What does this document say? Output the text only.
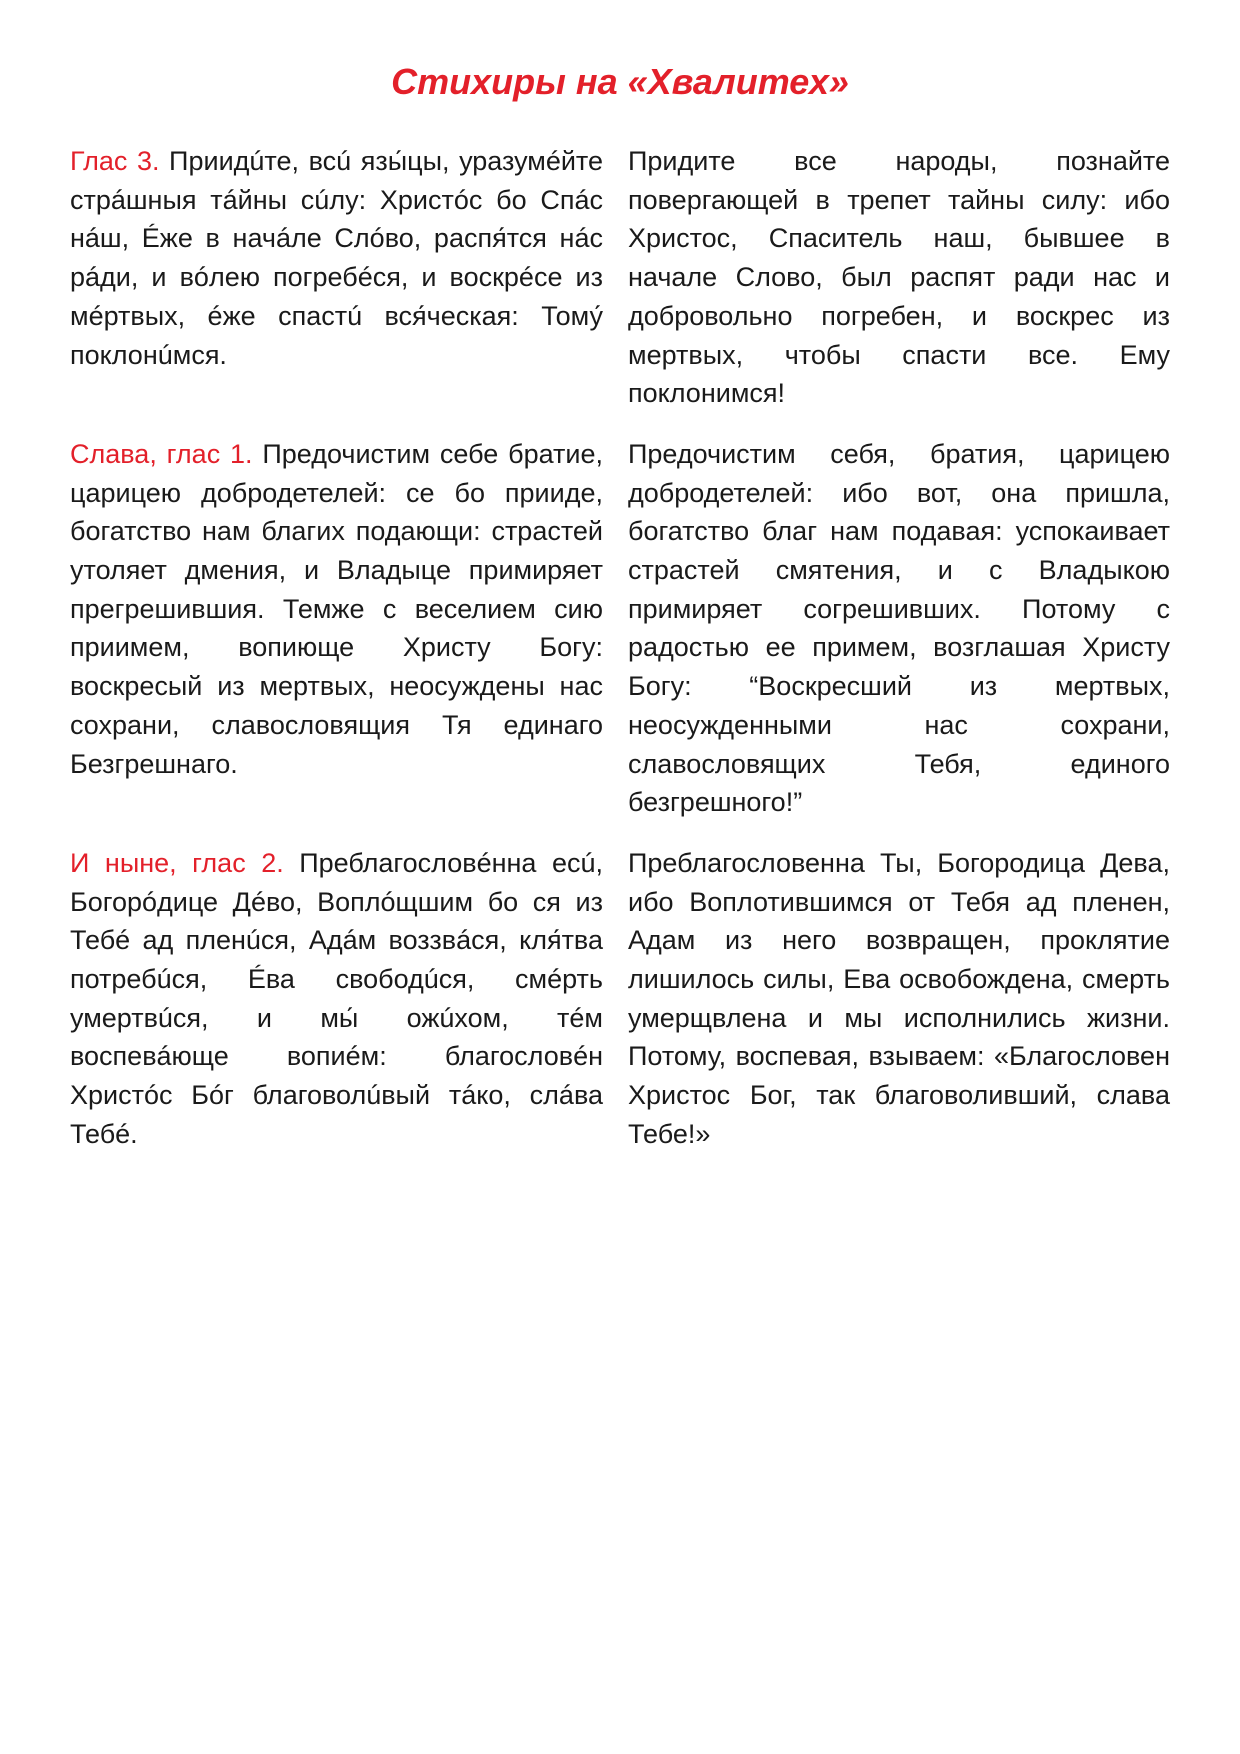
Стихиры на «Хвалитех»
Глас 3. Приидúте, всú язы́цы, уразумéйте стрáшныя тáйны сúлу: Христóс бо Спáс нáш, Éже в начáле Слóво, распя́тся нáс рáди, и вóлею погребéся, и воскрéсе из мéртвых, éже спастú вся́ческая: Тому́ поклонúмся.
Придите все народы, познайте повергающей в трепет тайны силу: ибо Христос, Спаситель наш, бывшее в начале Слово, был распят ради нас и добровольно погребен, и воскрес из мертвых, чтобы спасти все. Ему поклонимся!
Слава, глас 1. Предочистим себе братие, царицею добродетелей: се бо прииде, богатство нам благих подающи: страстей утоляет дмения, и Владыце примиряет прегрешившия. Темже с веселием сию приимем, вопиюще Христу Богу: воскресый из мертвых, неосуждены нас сохрани, славословящия Тя единаго Безгрешнаго.
Предочистим себя, братия, царицею добродетелей: ибо вот, она пришла, богатство благ нам подавая: успокаивает страстей смятения, и с Владыкою примиряет согрешивших. Потому с радостью ее примем, возглашая Христу Богу: “Воскресший из мертвых, неосужденными нас сохрани, славословящих Тебя, единого безгрешного!”
И ныне, глас 2. Преблагословéнна есú, Богорóдице Дéво, Воплóщшим бо ся из Тебé ад пленúся, Адáм воззвáся, кля́тва потребúся, Éва свободúся, смéрть умертвúся, и мы́ ожúхом, тéм воспевáюще вопиéм: благословéн Христóс Бóг благоволúвый тáко, слáва Тебé.
Преблагословенна Ты, Богородица Дева, ибо Воплотившимся от Тебя ад пленен, Адам из него возвращен, проклятие лишилось силы, Ева освобождена, смерть умерщвлена и мы исполнились жизни. Потому, воспевая, взываем: «Благословен Христос Бог, так благоволивший, слава Тебе!»
